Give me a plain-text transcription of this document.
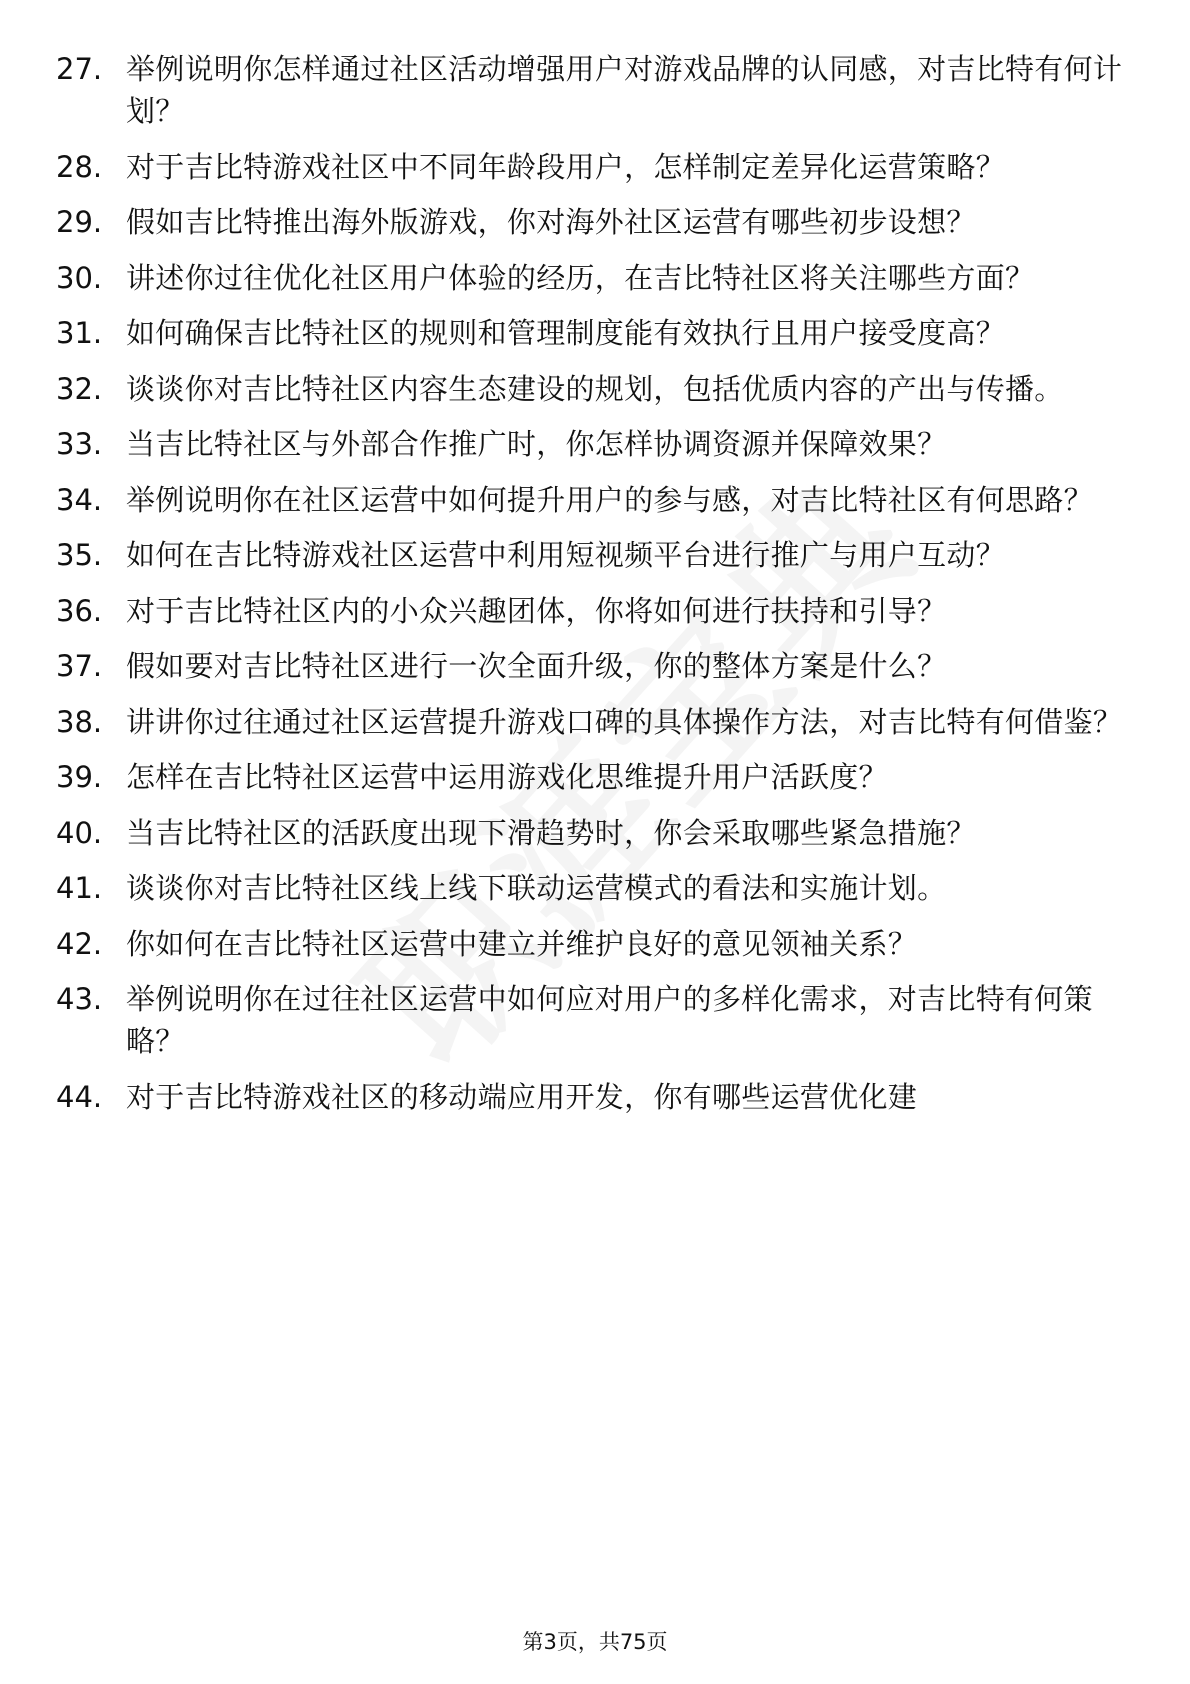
27. 举例说明你怎样通过社区活动增强用户对游戏品牌的认同感，对吉比特有何计划？
28. 对于吉比特游戏社区中不同年龄段用户，怎样制定差异化运营策略？
29. 假如吉比特推出海外版游戏，你对海外社区运营有哪些初步设想？
30. 讲述你过往优化社区用户体验的经历，在吉比特社区将关注哪些方面？
31. 如何确保吉比特社区的规则和管理制度能有效执行且用户接受度高？
32. 谈谈你对吉比特社区内容生态建设的规划，包括优质内容的产出与传播。
33. 当吉比特社区与外部合作推广时，你怎样协调资源并保障效果？
34. 举例说明你在社区运营中如何提升用户的参与感，对吉比特社区有何思路？
35. 如何在吉比特游戏社区运营中利用短视频平台进行推广与用户互动？
36. 对于吉比特社区内的小众兴趣团体，你将如何进行扶持和引导？
37. 假如要对吉比特社区进行一次全面升级，你的整体方案是什么？
38. 讲讲你过往通过社区运营提升游戏口碑的具体操作方法，对吉比特有何借鉴？
39. 怎样在吉比特社区运营中运用游戏化思维提升用户活跃度？
40. 当吉比特社区的活跃度出现下滑趋势时，你会采取哪些紧急措施？
41. 谈谈你对吉比特社区线上线下联动运营模式的看法和实施计划。
42. 你如何在吉比特社区运营中建立并维护良好的意见领袖关系？
43. 举例说明你在过往社区运营中如何应对用户的多样化需求，对吉比特有何策略？
44. 对于吉比特游戏社区的移动端应用开发，你有哪些运营优化建
第3页，共75页
